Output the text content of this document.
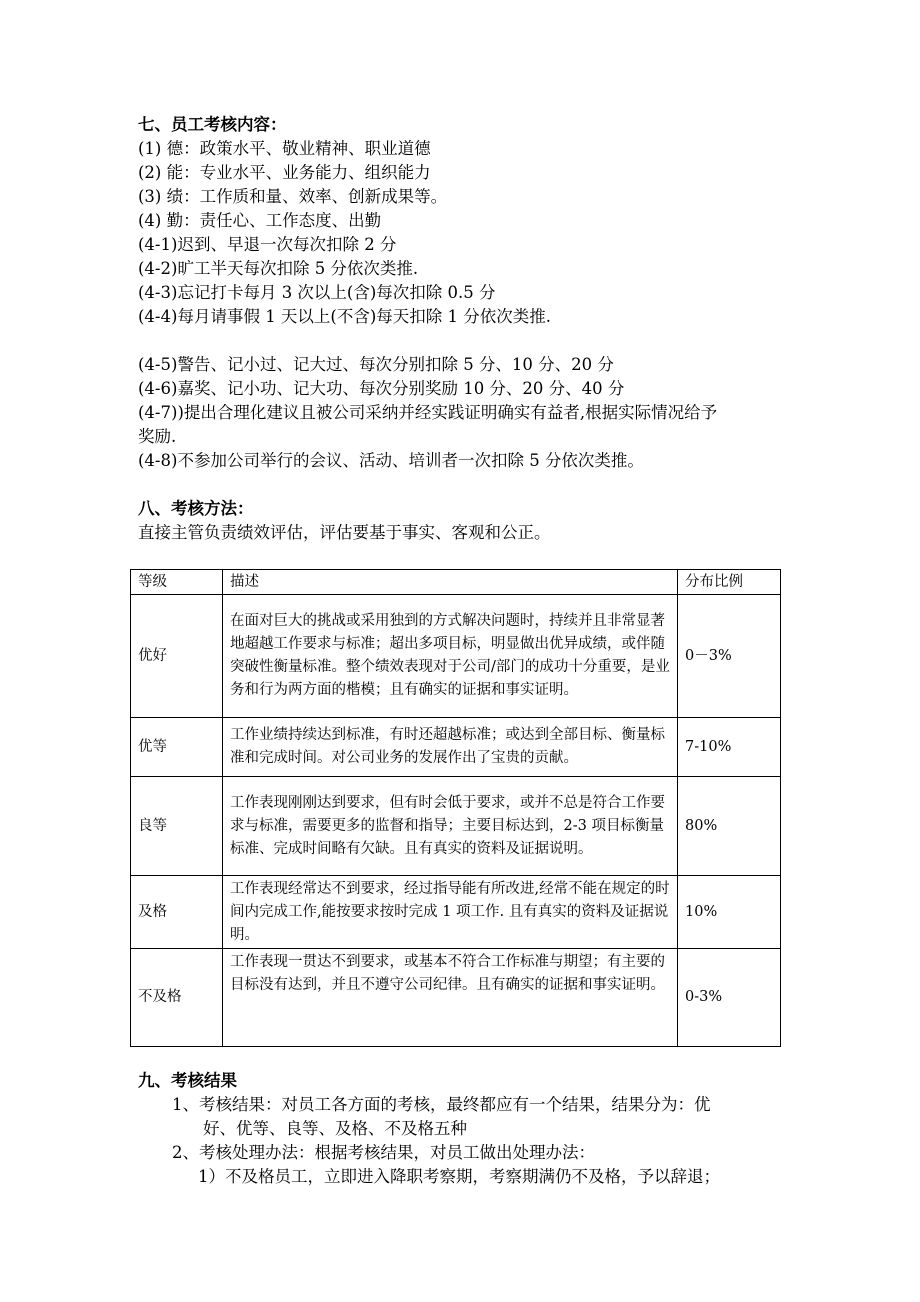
七、员工考核内容：
(1) 德：政策水平、敬业精神、职业道德
(2) 能：专业水平、业务能力、组织能力
(3) 绩：工作质和量、效率、创新成果等。
(4) 勤：责任心、工作态度、出勤
(4-1)迟到、早退一次每次扣除 2 分
(4-2)旷工半天每次扣除 5 分依次类推.
(4-3)忘记打卡每月 3 次以上(含)每次扣除 0.5 分
(4-4)每月请事假 1 天以上(不含)每天扣除 1 分依次类推.
(4-5)警告、记小过、记大过、每次分别扣除 5 分、10 分、20 分
(4-6)嘉奖、记小功、记大功、每次分别奖励 10 分、20 分、40 分
(4-7))提出合理化建议且被公司采纳并经实践证明确实有益者,根据实际情况给予
奖励.
(4-8)不参加公司举行的会议、活动、培训者一次扣除 5 分依次类推。
八、考核方法：
直接主管负责绩效评估，评估要基于事实、客观和公正。
等级	描述	分布比例
优好	在面对巨大的挑战或采用独到的方式解决问题时，持续并且非常显著地超越工作要求与标准；超出多项目标，明显做出优异成绩，或伴随突破性衡量标准。整个绩效表现对于公司/部门的成功十分重要，是业务和行为两方面的楷模；且有确实的证据和事实证明。	0－3%
优等	工作业绩持续达到标准，有时还超越标准；或达到全部目标、衡量标准和完成时间。对公司业务的发展作出了宝贵的贡献。	7-10%
良等	工作表现刚刚达到要求，但有时会低于要求，或并不总是符合工作要求与标准，需要更多的监督和指导；主要目标达到，2-3 项目标衡量标准、完成时间略有欠缺。且有真实的资料及证据说明。	80%
及格	工作表现经常达不到要求，经过指导能有所改进,经常不能在规定的时间内完成工作,能按要求按时完成 1 项工作. 且有真实的资料及证据说明。	10%
不及格	工作表现一贯达不到要求，或基本不符合工作标准与期望；有主要的目标没有达到，并且不遵守公司纪律。且有确实的证据和事实证明。	0-3%
九、考核结果
1、考核结果：对员工各方面的考核，最终都应有一个结果，结果分为：优
好、优等、良等、及格、不及格五种
2、考核处理办法：根据考核结果，对员工做出处理办法：
1）不及格员工，立即进入降职考察期，考察期满仍不及格，予以辞退；
